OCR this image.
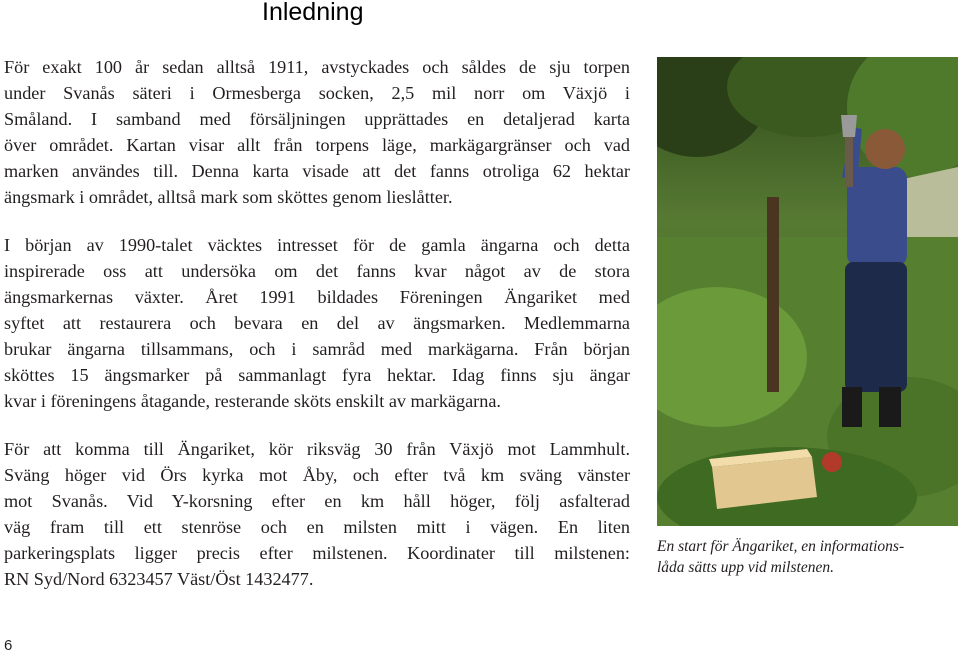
Inledning
För exakt 100 år sedan alltså 1911, avstyckades och såldes de sju torpen
under Svanås säteri i Ormesberga socken, 2,5 mil norr om Växjö i
Småland. I samband med försäljningen upprättades en detaljerad karta
över området. Kartan visar allt från torpens läge, markägargränser och vad
marken användes till. Denna karta visade att det fanns otroliga 62 hektar
ängsmark i området, alltså mark som sköttes genom lieslåtter.
I början av 1990-talet väcktes intresset för de gamla ängarna och detta
inspirerade oss att undersöka om det fanns kvar något av de stora
ängsmarkernas växter. Året 1991 bildades Föreningen Ängariket med
syftet att restaurera och bevara en del av ängsmarken. Medlemmarna
brukar ängarna tillsammans, och i samråd med markägarna. Från början
sköttes 15 ängsmarker på sammanlagt fyra hektar. Idag finns sju ängar
kvar i föreningens åtagande, resterande sköts enskilt av markägarna.
För att komma till Ängariket, kör riksväg 30 från Växjö mot Lammhult.
Sväng höger vid Örs kyrka mot Åby, och efter två km sväng vänster
mot Svanås. Vid Y-korsning efter en km håll höger, följ asfalterad
väg fram till ett stenröse och en milsten mitt i vägen. En liten
parkeringsplats ligger precis efter milstenen. Koordinater till milstenen:
RN Syd/Nord 6323457 Väst/Öst 1432477.

En start för Ängariket, en informations-
låda sätts upp vid milstenen.

6
